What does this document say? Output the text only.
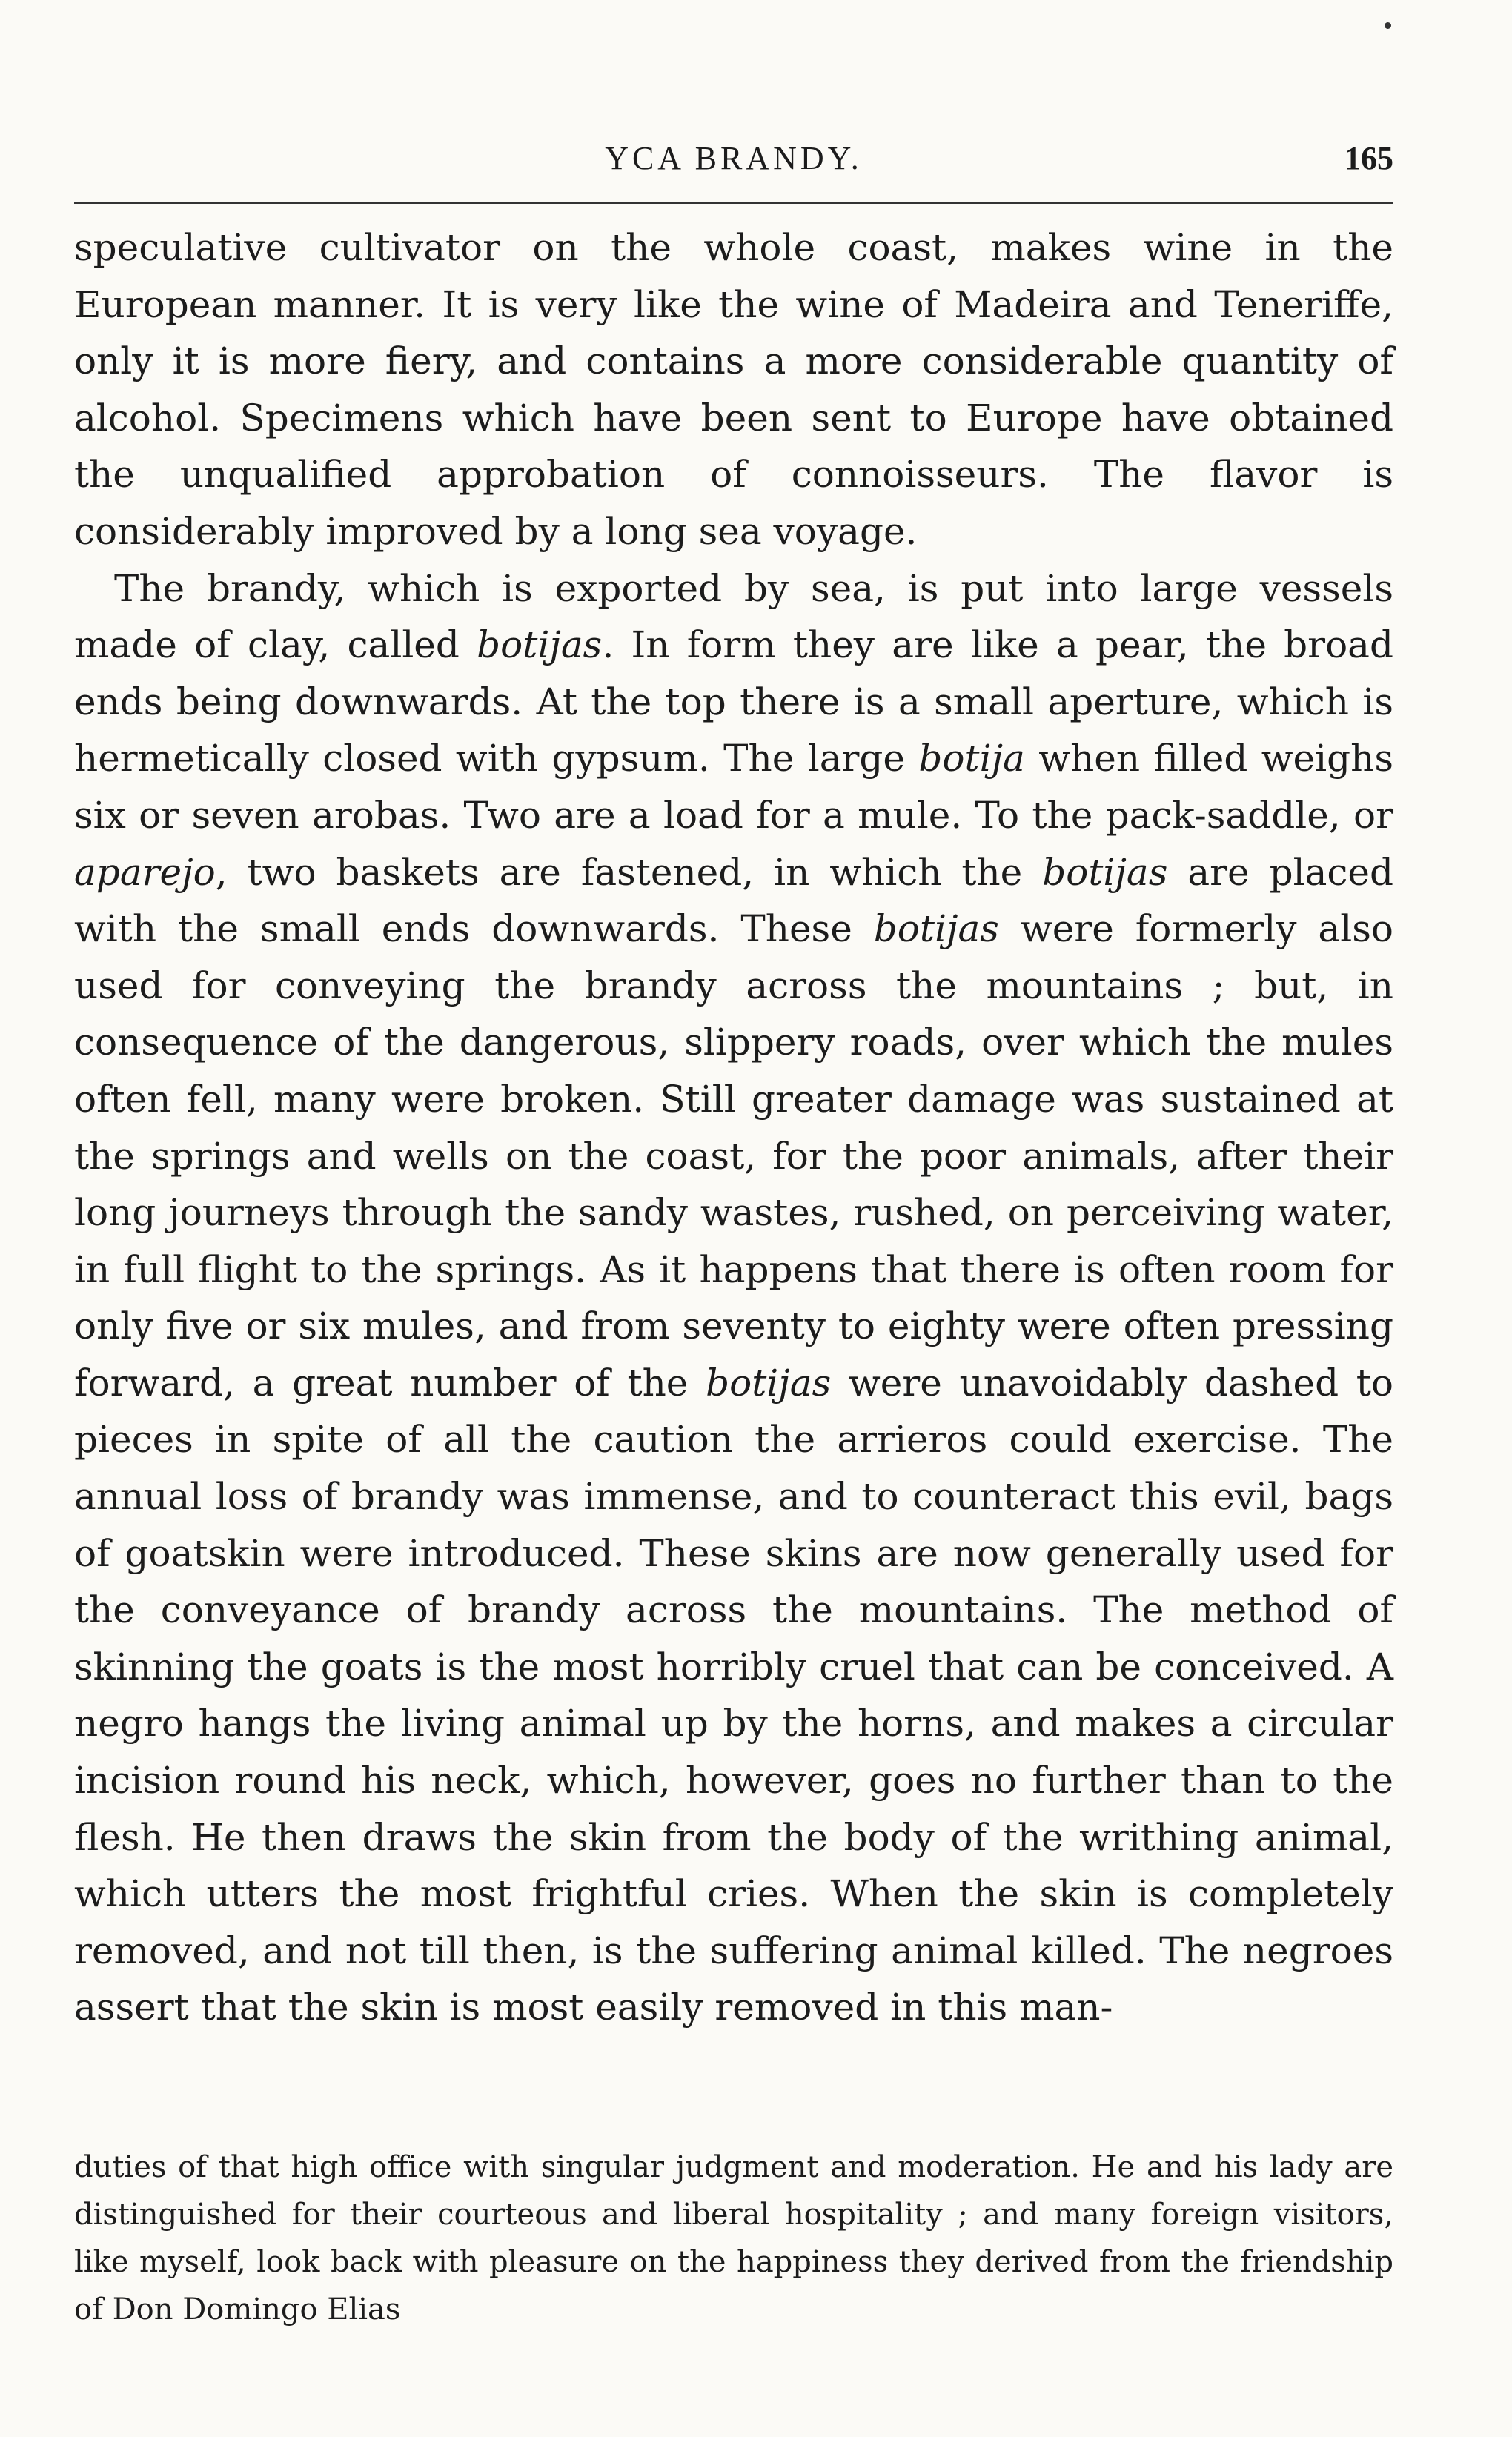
YCA BRANDY.	165

speculative cultivator on the whole coast, makes wine in the European manner. It is very like the wine of Madeira and Teneriffe, only it is more fiery, and contains a more considerable quantity of alcohol. Specimens which have been sent to Europe have obtained the unqualified approbation of connoisseurs. The flavor is considerably improved by a long sea voyage.

The brandy, which is exported by sea, is put into large vessels made of clay, called botijas. In form they are like a pear, the broad ends being downwards. At the top there is a small aperture, which is hermetically closed with gypsum. The large botija when filled weighs six or seven arobas. Two are a load for a mule. To the pack-saddle, or aparejo, two baskets are fastened, in which the botijas are placed with the small ends downwards. These botijas were formerly also used for conveying the brandy across the mountains ; but, in consequence of the dangerous, slippery roads, over which the mules often fell, many were broken. Still greater damage was sustained at the springs and wells on the coast, for the poor animals, after their long journeys through the sandy wastes, rushed, on perceiving water, in full flight to the springs. As it happens that there is often room for only five or six mules, and from seventy to eighty were often pressing forward, a great number of the botijas were unavoidably dashed to pieces in spite of all the caution the arrieros could exercise. The annual loss of brandy was immense, and to counteract this evil, bags of goatskin were introduced. These skins are now generally used for the conveyance of brandy across the mountains. The method of skinning the goats is the most horribly cruel that can be conceived. A negro hangs the living animal up by the horns, and makes a circular incision round his neck, which, however, goes no further than to the flesh. He then draws the skin from the body of the writhing animal, which utters the most frightful cries. When the skin is completely removed, and not till then, is the suffering animal killed. The negroes assert that the skin is most easily removed in this man-

duties of that high office with singular judgment and moderation. He and his lady are distinguished for their courteous and liberal hospitality ; and many foreign visitors, like myself, look back with pleasure on the happiness they derived from the friendship of Don Domingo Elias
